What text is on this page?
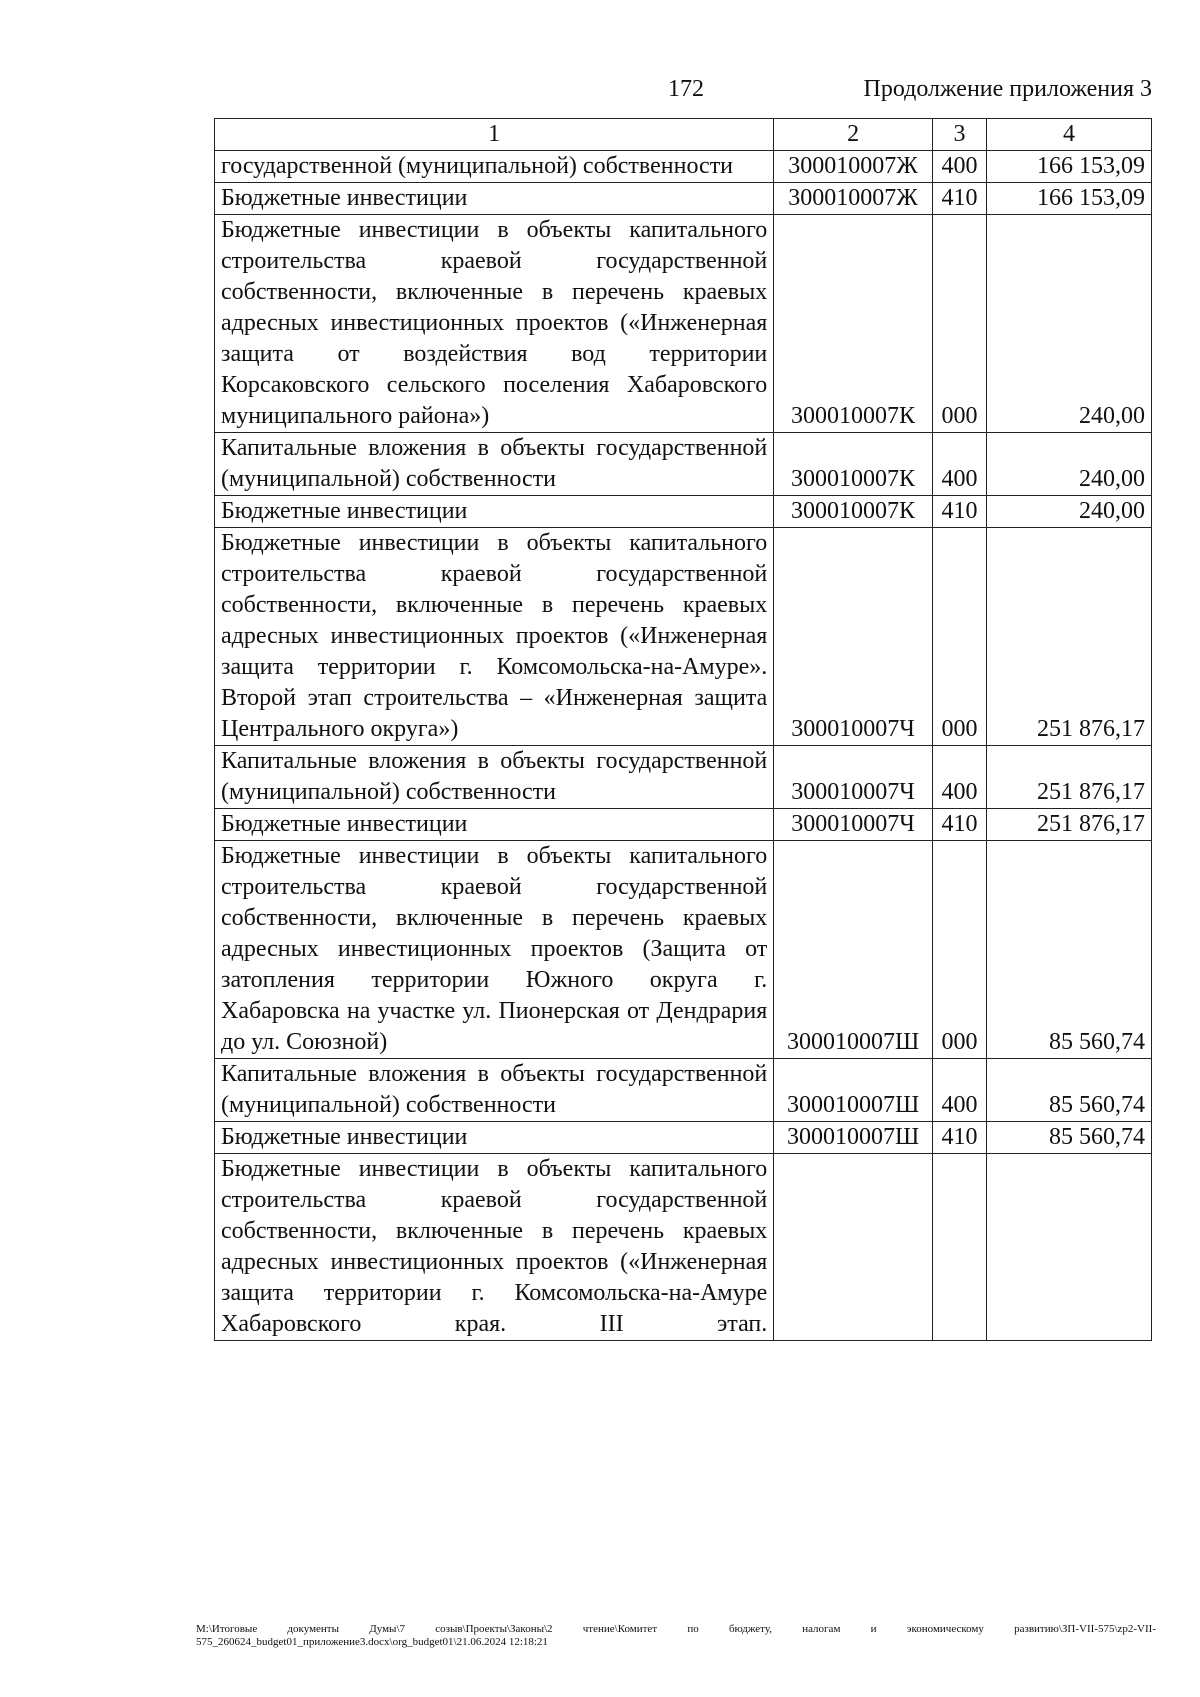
172	Продолжение приложения 3
1	2	3	4
государственной (муниципальной) собственности	300010007Ж	400	166 153,09
Бюджетные инвестиции	300010007Ж	410	166 153,09
Бюджетные инвестиции в объекты капитального строительства краевой государственной собственности, включенные в перечень краевых адресных инвестиционных проектов («Инженерная защита от воздействия вод территории Корсаковского сельского поселения Хабаровского муниципального района»)	300010007К	000	240,00
Капитальные вложения в объекты государственной (муниципальной) собственности	300010007К	400	240,00
Бюджетные инвестиции	300010007К	410	240,00
Бюджетные инвестиции в объекты капитального строительства краевой государственной собственности, включенные в перечень краевых адресных инвестиционных проектов («Инженерная защита территории г. Комсомольска-на-Амуре». Второй этап строительства – «Инженерная защита Центрального округа»)	300010007Ч	000	251 876,17
Капитальные вложения в объекты государственной (муниципальной) собственности	300010007Ч	400	251 876,17
Бюджетные инвестиции	300010007Ч	410	251 876,17
Бюджетные инвестиции в объекты капитального строительства краевой государственной собственности, включенные в перечень краевых адресных инвестиционных проектов (Защита от затопления территории Южного округа г. Хабаровска на участке ул. Пионерская от Дендрария до ул. Союзной)	300010007Ш	000	85 560,74
Капитальные вложения в объекты государственной (муниципальной) собственности	300010007Ш	400	85 560,74
Бюджетные инвестиции	300010007Ш	410	85 560,74
Бюджетные инвестиции в объекты капитального строительства краевой государственной собственности, включенные в перечень краевых адресных инвестиционных проектов («Инженерная защита территории г. Комсомольска-на-Амуре Хабаровского края. III этап.			
M:\Итоговые документы Думы\7 созыв\Проекты\Законы\2 чтение\Комитет по бюджету, налогам и экономическому развитию\ЗП-VII-575\zp2-VII-575_260624_budget01_приложение3.docx\org_budget01\21.06.2024 12:18:21
